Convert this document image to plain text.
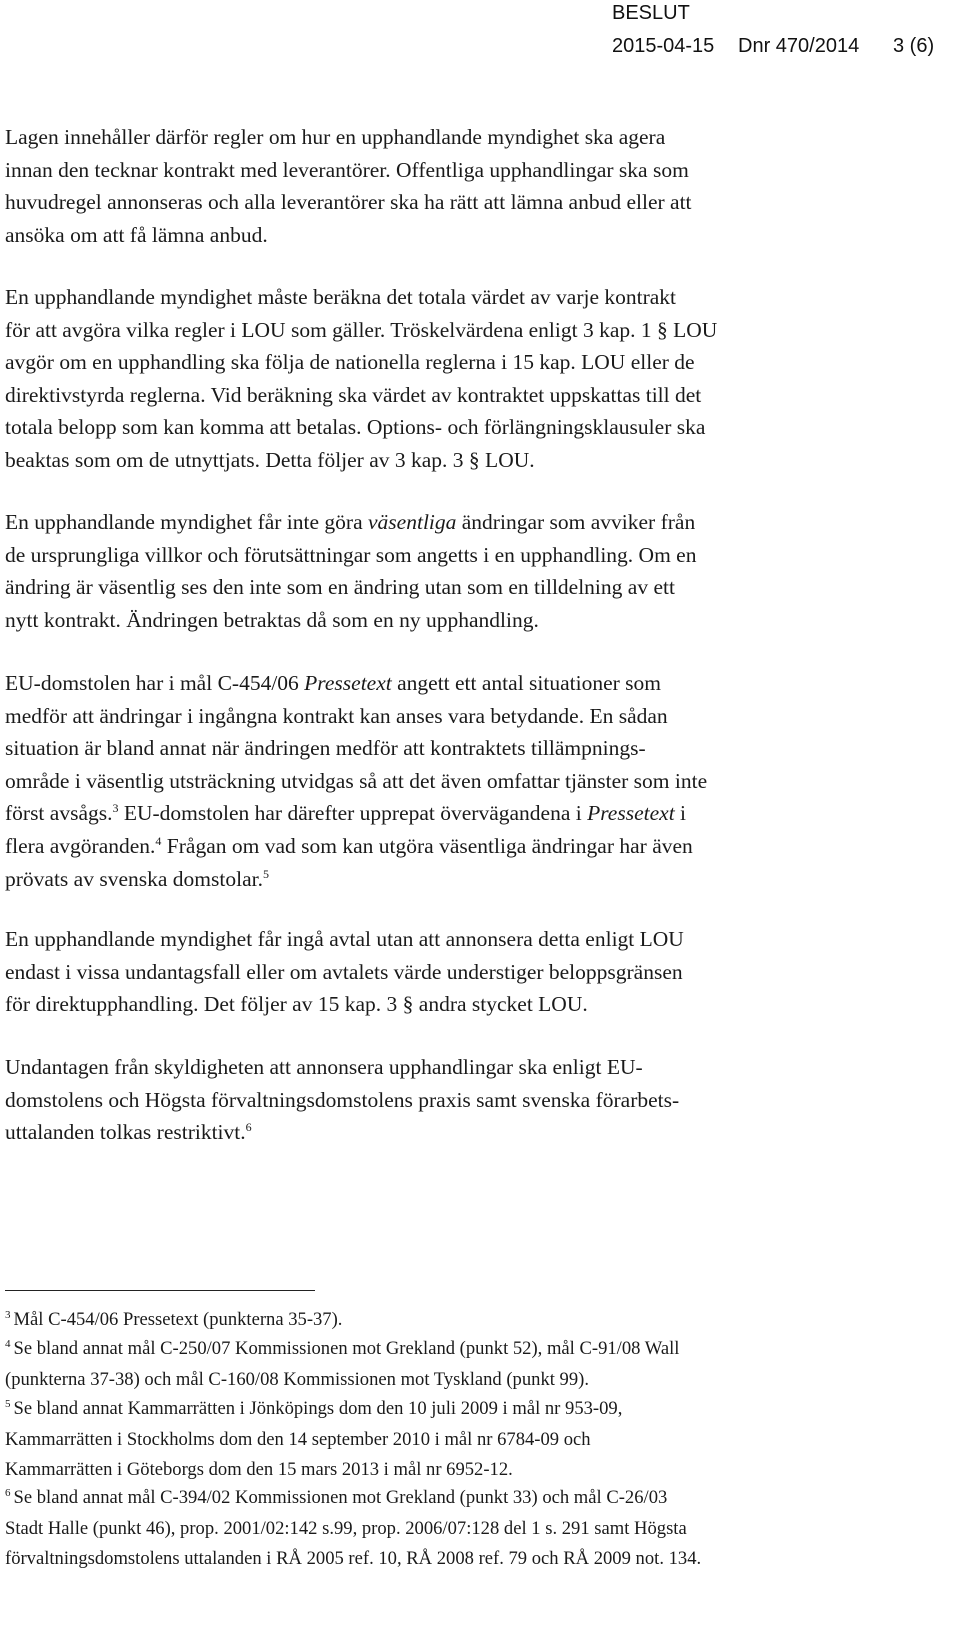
BESLUT
2015-04-15 Dnr 470/2014 3 (6)
Lagen innehåller därför regler om hur en upphandlande myndighet ska agera
innan den tecknar kontrakt med leverantörer. Offentliga upphandlingar ska som
huvudregel annonseras och alla leverantörer ska ha rätt att lämna anbud eller att
ansöka om att få lämna anbud.
En upphandlande myndighet måste beräkna det totala värdet av varje kontrakt
för att avgöra vilka regler i LOU som gäller. Tröskelvärdena enligt 3 kap. 1 § LOU
avgör om en upphandling ska följa de nationella reglerna i 15 kap. LOU eller de
direktivstyrda reglerna. Vid beräkning ska värdet av kontraktet uppskattas till det
totala belopp som kan komma att betalas. Options- och förlängningsklausuler ska
beaktas som om de utnyttjats. Detta följer av 3 kap. 3 § LOU.
En upphandlande myndighet får inte göra väsentliga ändringar som avviker från
de ursprungliga villkor och förutsättningar som angetts i en upphandling. Om en
ändring är väsentlig ses den inte som en ändring utan som en tilldelning av ett
nytt kontrakt. Ändringen betraktas då som en ny upphandling.
EU-domstolen har i mål C-454/06 Pressetext angett ett antal situationer som
medför att ändringar i ingångna kontrakt kan anses vara betydande. En sådan
situation är bland annat när ändringen medför att kontraktets tillämpnings-
område i väsentlig utsträckning utvidgas så att det även omfattar tjänster som inte
först avsågs.$^3$ EU-domstolen har därefter upprepat övervägandena i Pressetext i
flera avgöranden.$^4$ Frågan om vad som kan utgöra väsentliga ändringar har även
prövats av svenska domstolar.$^5$
En upphandlande myndighet får ingå avtal utan att annonsera detta enligt LOU
endast i vissa undantagsfall eller om avtalets värde understiger beloppsgränsen
för direktupphandling. Det följer av 15 kap. 3 § andra stycket LOU.
Undantagen från skyldigheten att annonsera upphandlingar ska enligt EU-
domstolens och Högsta förvaltningsdomstolens praxis samt svenska förarbets-
uttalanden tolkas restriktivt.$^6$
$^3$ Mål C-454/06 Pressetext (punkterna 35-37).
$^4$ Se bland annat mål C-250/07 Kommissionen mot Grekland (punkt 52), mål C-91/08 Wall
(punkterna 37-38) och mål C-160/08 Kommissionen mot Tyskland (punkt 99).
$^5$ Se bland annat Kammarrätten i Jönköpings dom den 10 juli 2009 i mål nr 953-09,
Kammarrätten i Stockholms dom den 14 september 2010 i mål nr 6784-09 och
Kammarrätten i Göteborgs dom den 15 mars 2013 i mål nr 6952-12.
$^6$ Se bland annat mål C-394/02 Kommissionen mot Grekland (punkt 33) och mål C-26/03
Stadt Halle (punkt 46), prop. 2001/02:142 s.99, prop. 2006/07:128 del 1 s. 291 samt Högsta
förvaltningsdomstolens uttalanden i RÅ 2005 ref. 10, RÅ 2008 ref. 79 och RÅ 2009 not. 134.
